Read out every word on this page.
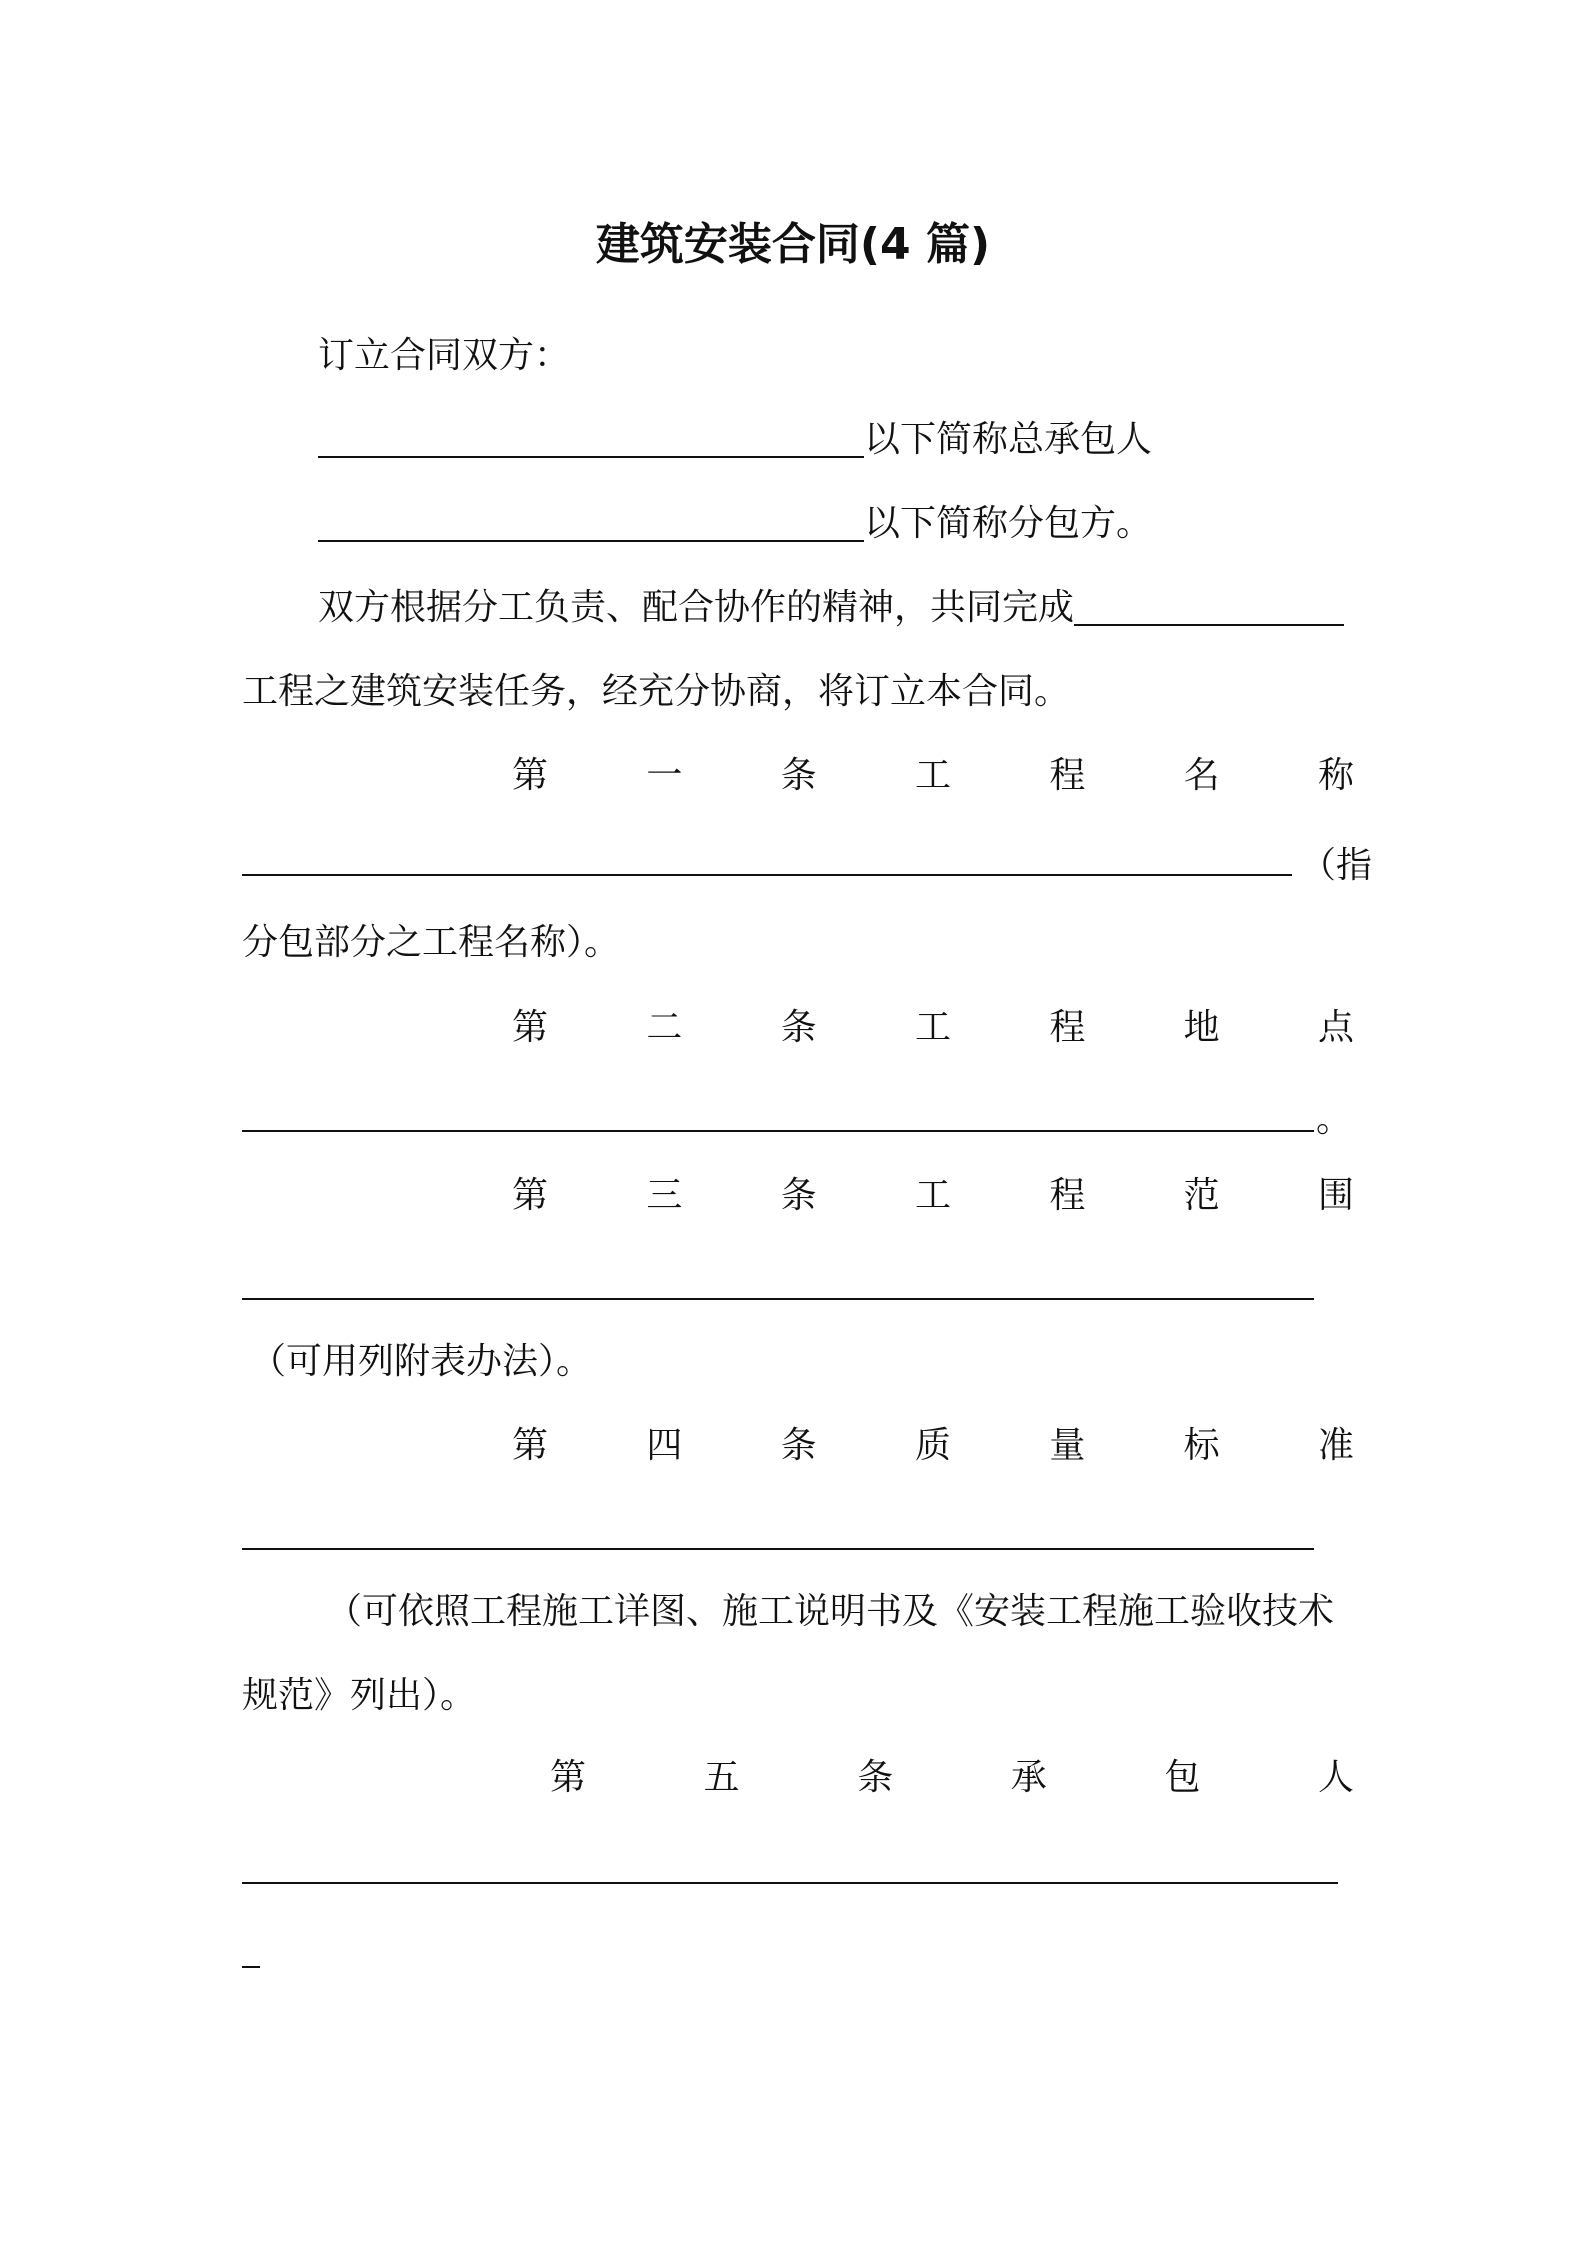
建筑安装合同(4 篇)
订立合同双方：
以下简称总承包人
以下简称分包方。
双方根据分工负责、配合协作的精神，共同完成
工程之建筑安装任务，经充分协商，将订立本合同。
第	一	条	工	程	名	称
（指
分包部分之工程名称）。
第	二	条	工	程	地	点
。
第	三	条	工	程	范	围
（可用列附表办法）。
第	四	条	质	量	标	准
（可依照工程施工详图、施工说明书及《安装工程施工验收技术
规范》列出）。
第	五	条	承	包	人
